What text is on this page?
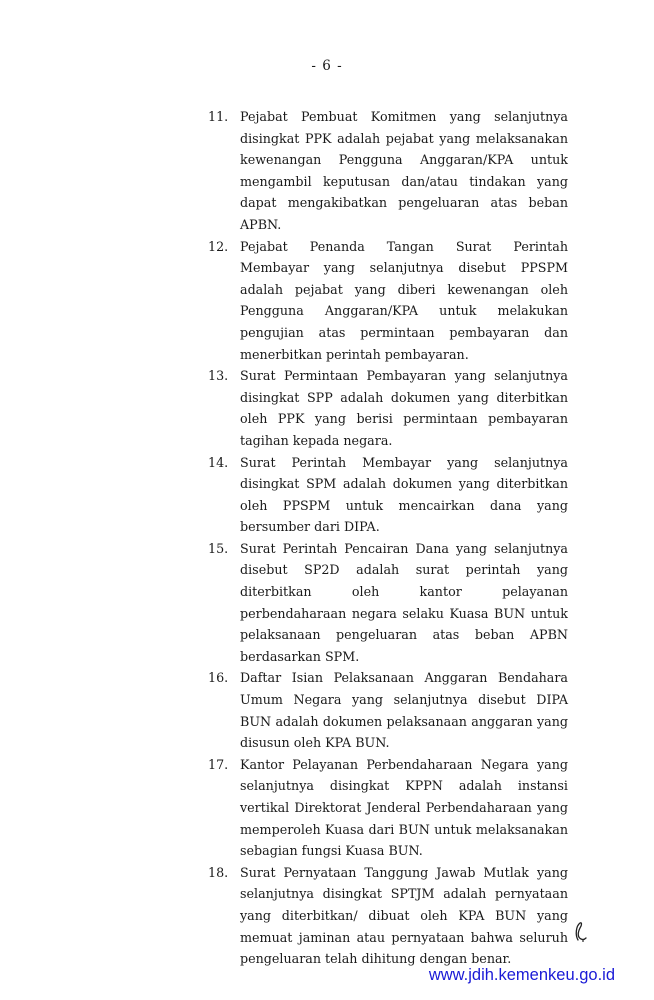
- 6 -
11. Pejabat Pembuat Komitmen yang selanjutnya disingkat PPK adalah pejabat yang melaksanakan kewenangan Pengguna Anggaran/KPA untuk mengambil keputusan dan/atau tindakan yang dapat mengakibatkan pengeluaran atas beban APBN.
12. Pejabat Penanda Tangan Surat Perintah Membayar yang selanjutnya disebut PPSPM adalah pejabat yang diberi kewenangan oleh Pengguna Anggaran/KPA untuk melakukan pengujian atas permintaan pembayaran dan menerbitkan perintah pembayaran.
13. Surat Permintaan Pembayaran yang selanjutnya disingkat SPP adalah dokumen yang diterbitkan oleh PPK yang berisi permintaan pembayaran tagihan kepada negara.
14. Surat Perintah Membayar yang selanjutnya disingkat SPM adalah dokumen yang diterbitkan oleh PPSPM untuk mencairkan dana yang bersumber dari DIPA.
15. Surat Perintah Pencairan Dana yang selanjutnya disebut SP2D adalah surat perintah yang diterbitkan oleh kantor pelayanan perbendaharaan negara selaku Kuasa BUN untuk pelaksanaan pengeluaran atas beban APBN berdasarkan SPM.
16. Daftar Isian Pelaksanaan Anggaran Bendahara Umum Negara yang selanjutnya disebut DIPA BUN adalah dokumen pelaksanaan anggaran yang disusun oleh KPA BUN.
17. Kantor Pelayanan Perbendaharaan Negara yang selanjutnya disingkat KPPN adalah instansi vertikal Direktorat Jenderal Perbendaharaan yang memperoleh Kuasa dari BUN untuk melaksanakan sebagian fungsi Kuasa BUN.
18. Surat Pernyataan Tanggung Jawab Mutlak yang selanjutnya disingkat SPTJM adalah pernyataan yang diterbitkan/ dibuat oleh KPA BUN yang memuat jaminan atau pernyataan bahwa seluruh pengeluaran telah dihitung dengan benar.
www.jdih.kemenkeu.go.id
